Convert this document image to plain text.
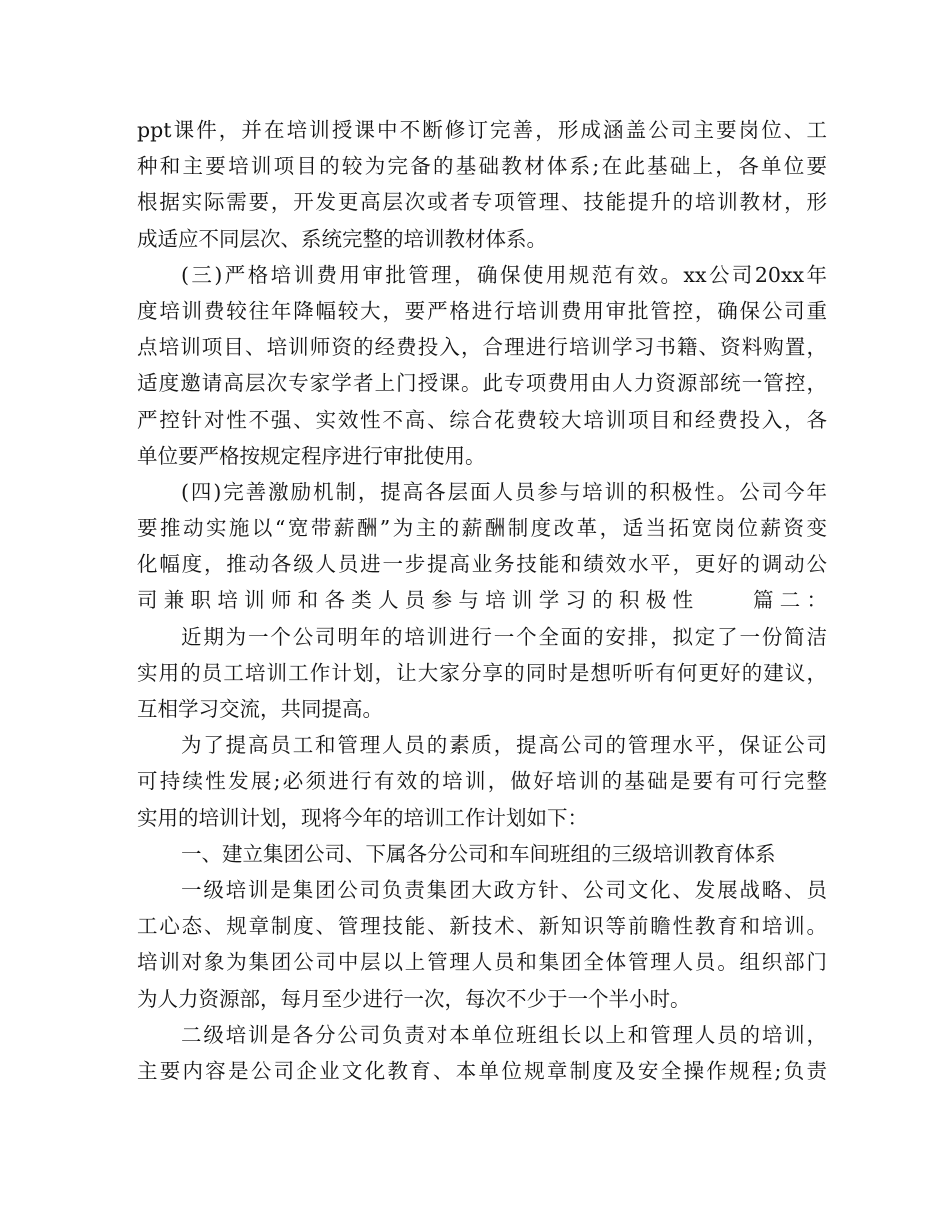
ppt课件，并在培训授课中不断修订完善，形成涵盖公司主要岗位、工
种和主要培训项目的较为完备的基础教材体系;在此基础上，各单位要
根据实际需要，开发更高层次或者专项管理、技能提升的培训教材，形
成适应不同层次、系统完整的培训教材体系。
(三)严格培训费用审批管理，确保使用规范有效。xx公司20xx年
度培训费较往年降幅较大，要严格进行培训费用审批管控，确保公司重
点培训项目、培训师资的经费投入，合理进行培训学习书籍、资料购置，
适度邀请高层次专家学者上门授课。此专项费用由人力资源部统一管控，
严控针对性不强、实效性不高、综合花费较大培训项目和经费投入，各
单位要严格按规定程序进行审批使用。
(四)完善激励机制，提高各层面人员参与培训的积极性。公司今年
要推动实施以“宽带薪酬”为主的薪酬制度改革，适当拓宽岗位薪资变
化幅度，推动各级人员进一步提高业务技能和绩效水平，更好的调动公
司兼职培训师和各类人员参与培训学习的积极性　　篇二：
近期为一个公司明年的培训进行一个全面的安排，拟定了一份简洁
实用的员工培训工作计划，让大家分享的同时是想听听有何更好的建议，
互相学习交流，共同提高。
为了提高员工和管理人员的素质，提高公司的管理水平，保证公司
可持续性发展;必须进行有效的培训，做好培训的基础是要有可行完整
实用的培训计划，现将今年的培训工作计划如下：
一、建立集团公司、下属各分公司和车间班组的三级培训教育体系
一级培训是集团公司负责集团大政方针、公司文化、发展战略、员
工心态、规章制度、管理技能、新技术、新知识等前瞻性教育和培训。
培训对象为集团公司中层以上管理人员和集团全体管理人员。组织部门
为人力资源部，每月至少进行一次，每次不少于一个半小时。
二级培训是各分公司负责对本单位班组长以上和管理人员的培训，
主要内容是公司企业文化教育、本单位规章制度及安全操作规程;负责
